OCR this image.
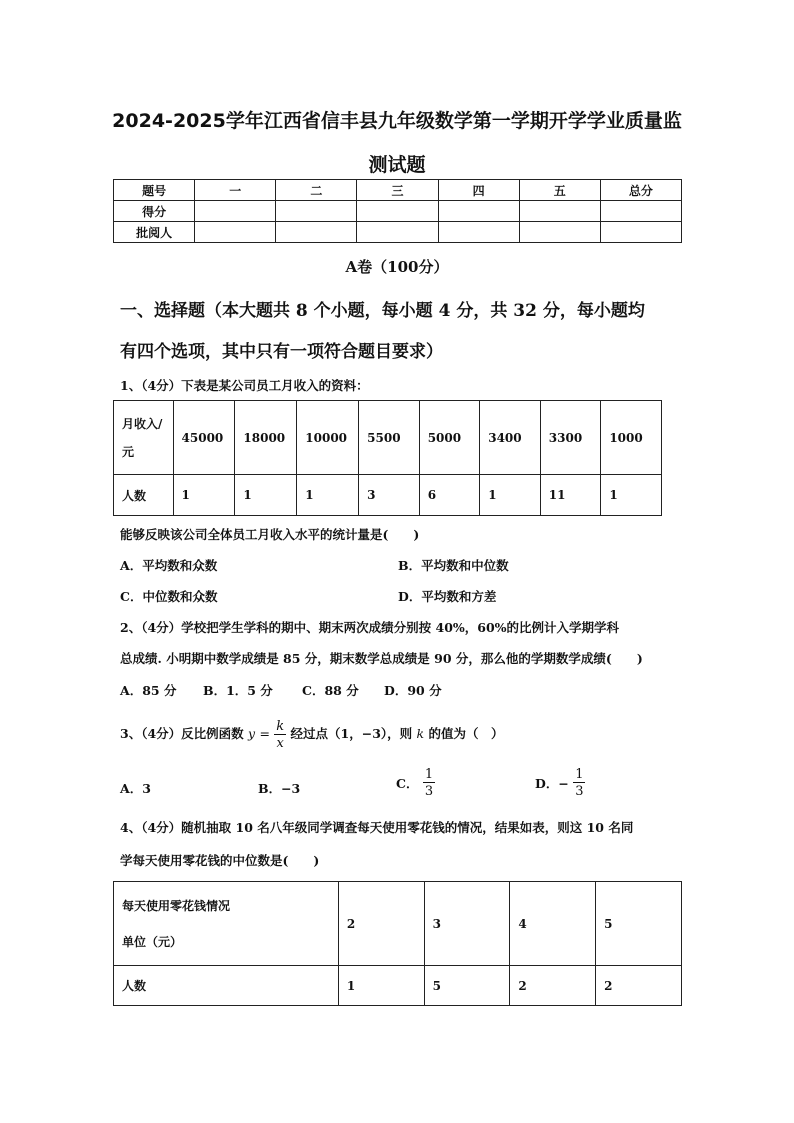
2024-2025学年江西省信丰县九年级数学第一学期开学学业质量监
测试题
题号	一	二	三	四	五	总分
得分						
批阅人						
A卷（100分）
一、选择题（本大题共 8 个小题，每小题 4 分，共 32 分，每小题均
有四个选项，其中只有一项符合题目要求）
1、（4分）下表是某公司员工月收入的资料：
月收入/
元	45000	18000	10000	5500	5000	3400	3300	1000
人数	1	1	1	3	6	1	11	1
能够反映该公司全体员工月收入水平的统计量是(　　)
A．平均数和众数	B．平均数和中位数
C．中位数和众数	D．平均数和方差
2、（4分）学校把学生学科的期中、期末两次成绩分别按 40%，60%的比例计入学期学科
总成绩. 小明期中数学成绩是 85 分，期末数学总成绩是 90 分，那么他的学期数学成绩(　　)
A．85 分 B．1．5 分 C．88 分 D．90 分
3、（4分）反比例函数 $y = \frac{k}{x}$ 经过点（1，−3），则 k 的值为（　）
A．3	B．−3	C． $\frac{1}{3}$	D．− $\frac{1}{3}$
4、（4分）随机抽取 10 名八年级同学调查每天使用零花钱的情况，结果如表，则这 10 名同
学每天使用零花钱的中位数是(　　)
每天使用零花钱情况
单位（元）	2	3	4	5
人数	1	5	2	2
